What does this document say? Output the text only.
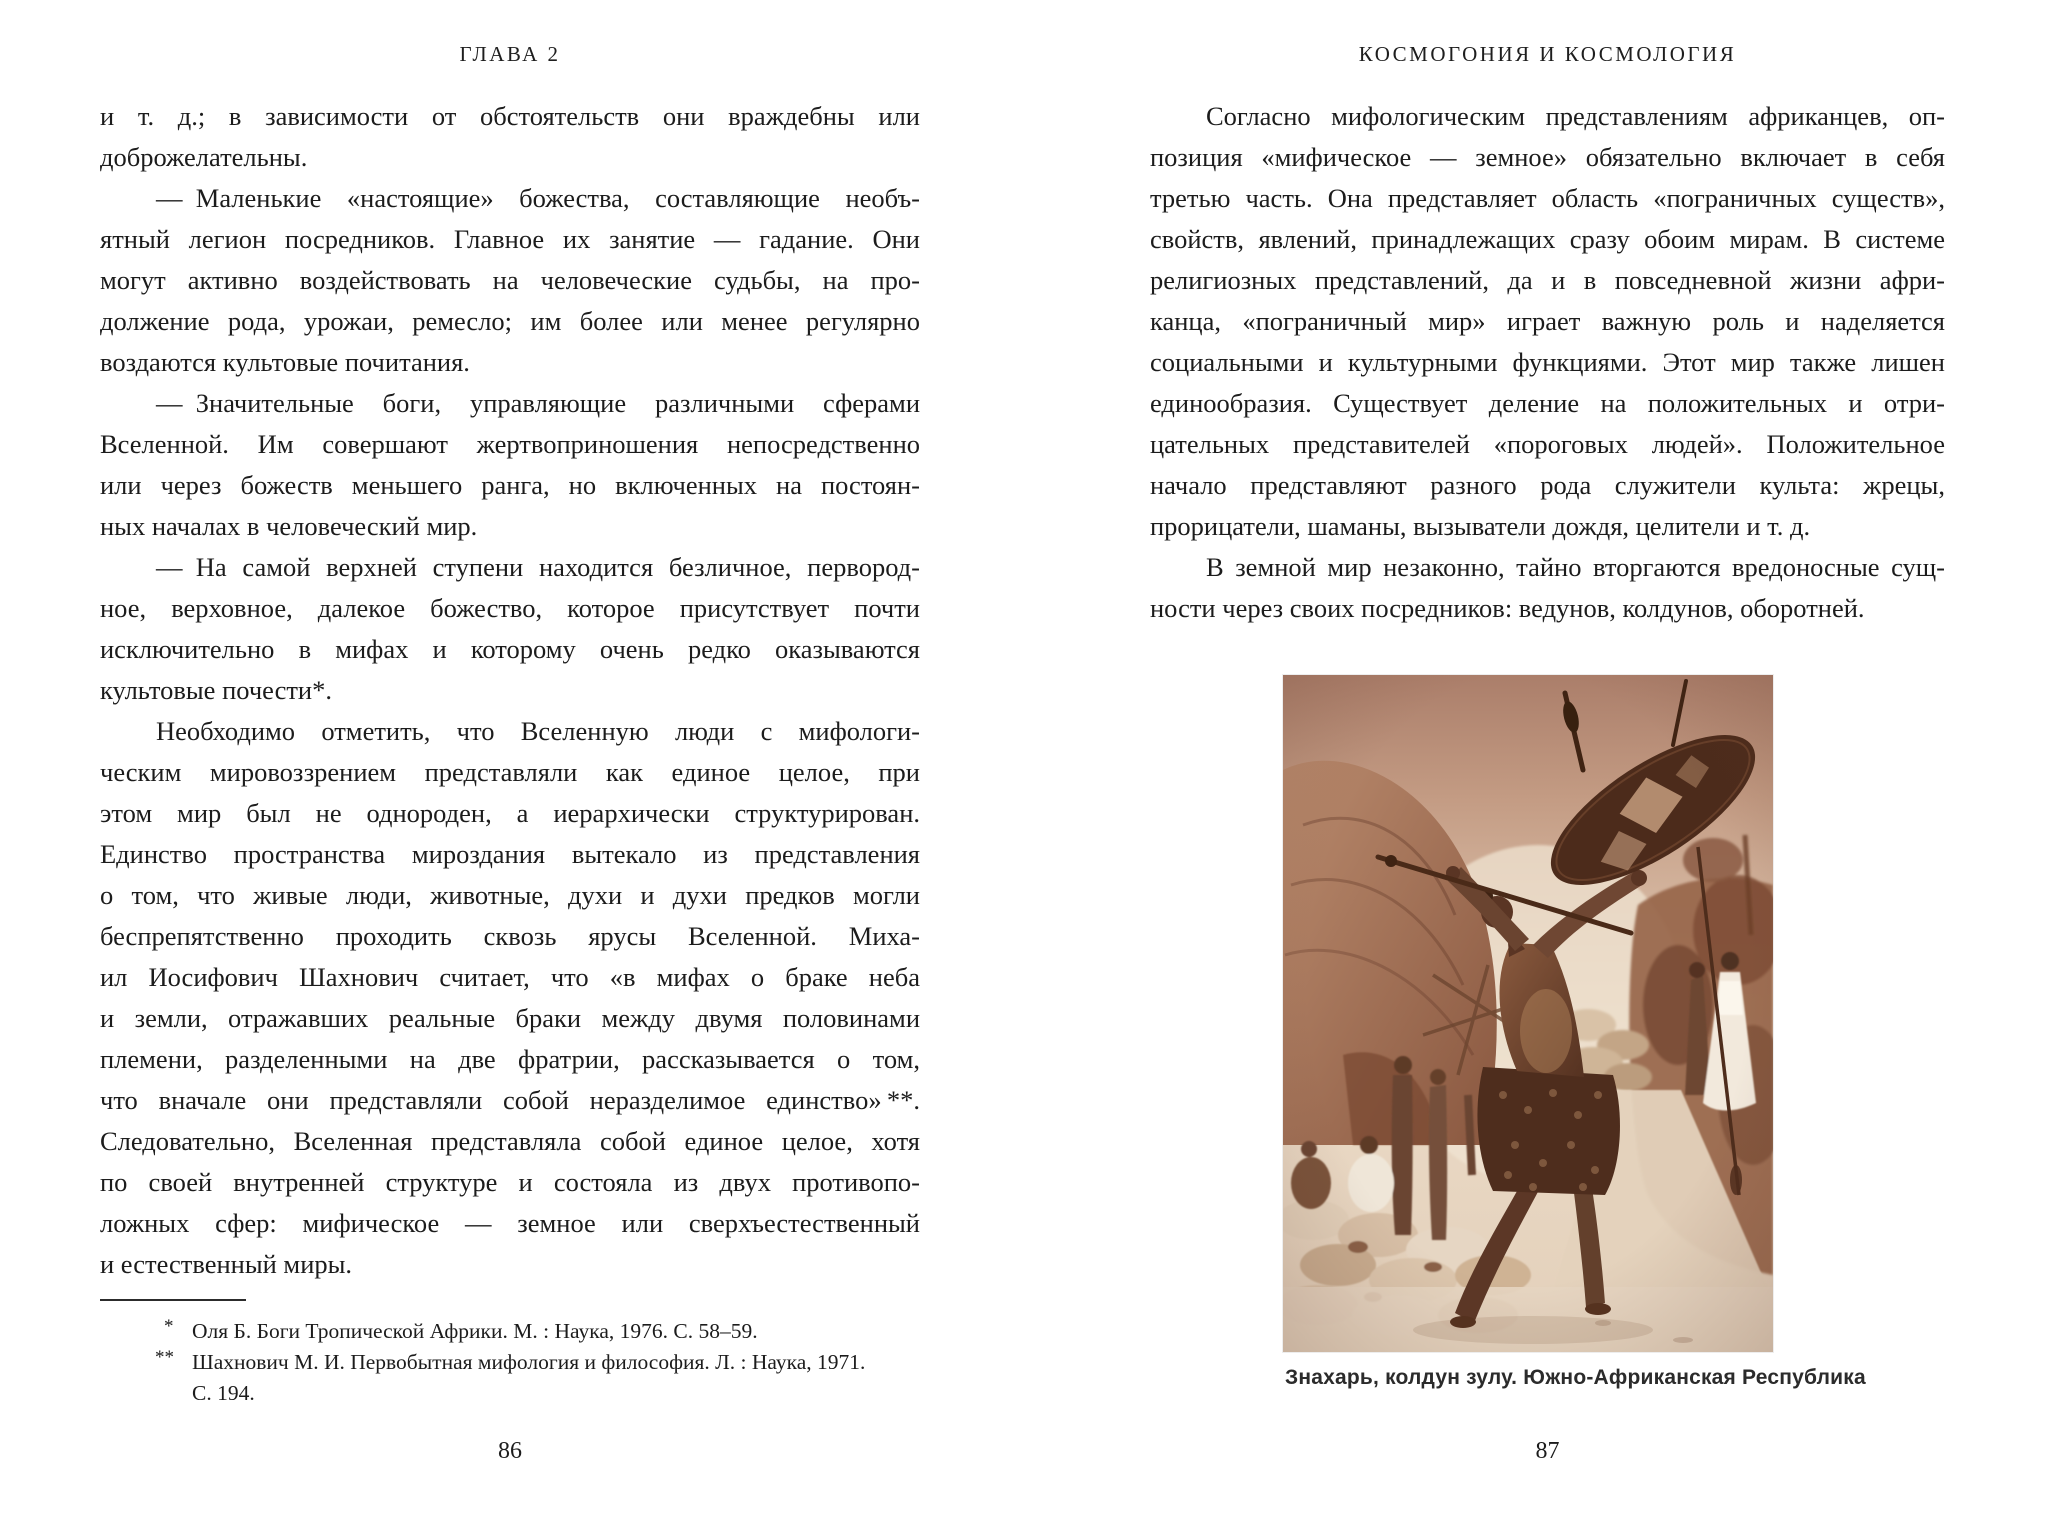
ГЛАВА 2
и т. д.; в зависимости от обстоятельств они враждебны или
доброжелательны.
— Маленькие «настоящие» божества, составляющие необъ-
ятный легион посредников. Главное их занятие — гадание. Они
могут активно воздействовать на человеческие судьбы, на про-
должение рода, урожаи, ремесло; им более или менее регулярно
воздаются культовые почитания.
— Значительные боги, управляющие различными сферами
Вселенной. Им совершают жертвоприношения непосредственно
или через божеств меньшего ранга, но включенных на постоян-
ных началах в человеческий мир.
— На самой верхней ступени находится безличное, первород-
ное, верховное, далекое божество, которое присутствует почти
исключительно в мифах и которому очень редко оказываются
культовые почести*.
Необходимо отметить, что Вселенную люди с мифологи-
ческим мировоззрением представляли как единое целое, при
этом мир был не однороден, а иерархически структурирован.
Единство пространства мироздания вытекало из представления
о том, что живые люди, животные, духи и духи предков могли
беспрепятственно проходить сквозь ярусы Вселенной. Миха-
ил Иосифович Шахнович считает, что «в мифах о браке неба
и земли, отражавших реальные браки между двумя половинами
племени, разделенными на две фратрии, рассказывается о том,
что вначале они представляли собой неразделимое единство» **.
Следовательно, Вселенная представляла собой единое целое, хотя
по своей внутренней структуре и состояла из двух противопо-
ложных сфер: мифическое — земное или сверхъестественный
и естественный миры.
* Оля Б. Боги Тропической Африки. М. : Наука, 1976. С. 58–59.
** Шахнович М. И. Первобытная мифология и философия. Л. : Наука, 1971.
С. 194.
86
КОСМОГОНИЯ И КОСМОЛОГИЯ
Согласно мифологическим представлениям африканцев, оп-
позиция «мифическое — земное» обязательно включает в себя
третью часть. Она представляет область «пограничных существ»,
свойств, явлений, принадлежащих сразу обоим мирам. В системе
религиозных представлений, да и в повседневной жизни афри-
канца, «пограничный мир» играет важную роль и наделяется
социальными и культурными функциями. Этот мир также лишен
единообразия. Существует деление на положительных и отри-
цательных представителей «пороговых людей». Положительное
начало представляют разного рода служители культа: жрецы,
прорицатели, шаманы, вызыватели дождя, целители и т. д.
В земной мир незаконно, тайно вторгаются вредоносные сущ-
ности через своих посредников: ведунов, колдунов, оборотней.
Знахарь, колдун зулу. Южно-Африканская Республика
87
